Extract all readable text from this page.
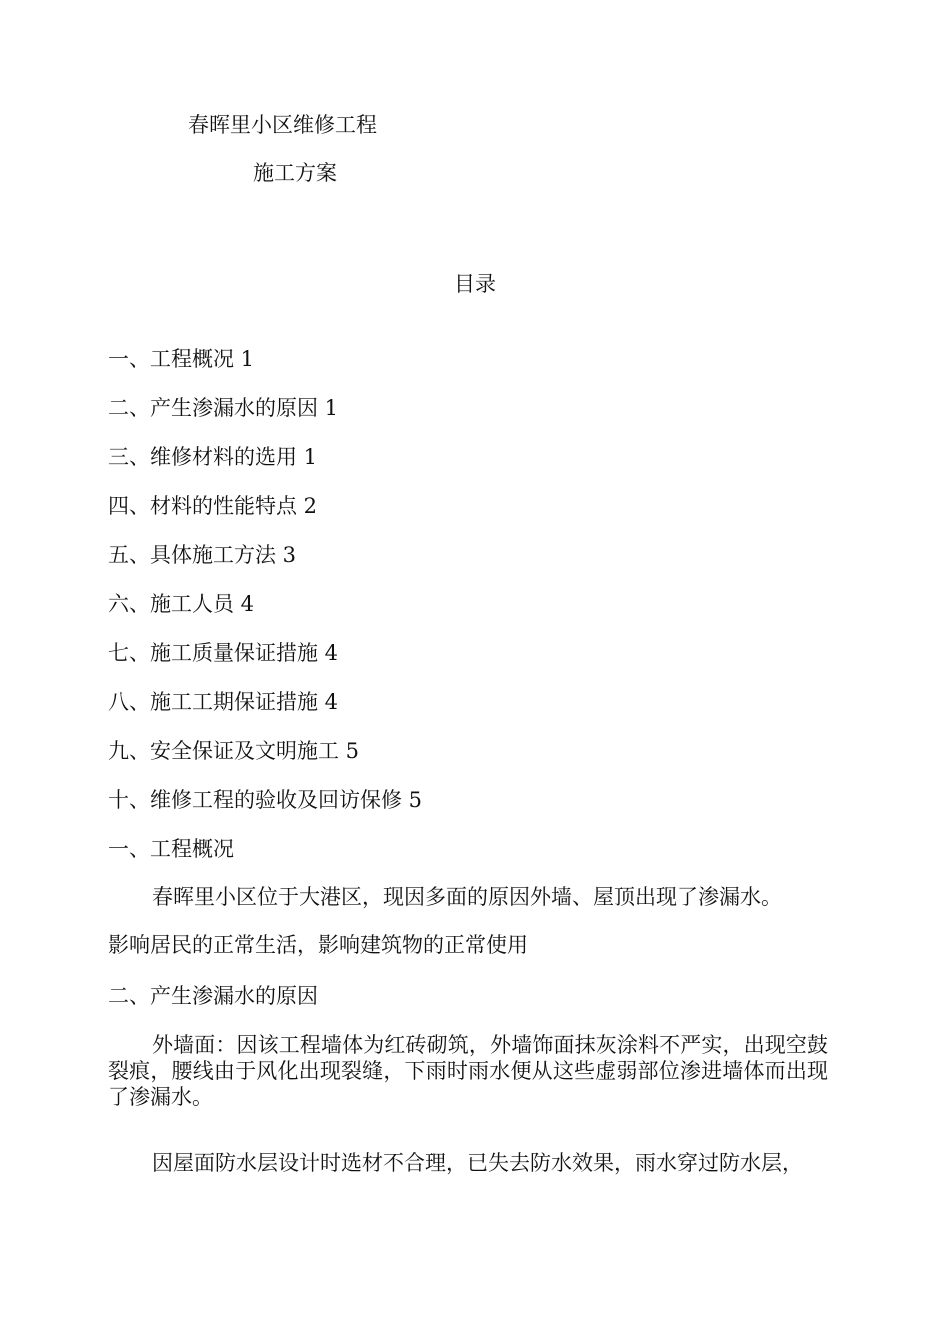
春晖里小区维修工程
施工方案
目录
一、工程概况 1
二、产生渗漏水的原因 1
三、维修材料的选用 1
四、材料的性能特点 2
五、具体施工方法 3
六、施工人员 4
七、施工质量保证措施 4
八、施工工期保证措施 4
九、安全保证及文明施工 5
十、维修工程的验收及回访保修 5
一、工程概况
春晖里小区位于大港区，现因多面的原因外墙、屋顶出现了渗漏水。
影响居民的正常生活，影响建筑物的正常使用
二、产生渗漏水的原因

外墙面：因该工程墙体为红砖砌筑，外墙饰面抹灰涂料不严实，出现空鼓裂痕，腰线由于风化出现裂缝，下雨时雨水便从这些虚弱部位渗进墙体而出现了渗漏水。

因屋面防水层设计时选材不合理，已失去防水效果，雨水穿过防水层，
